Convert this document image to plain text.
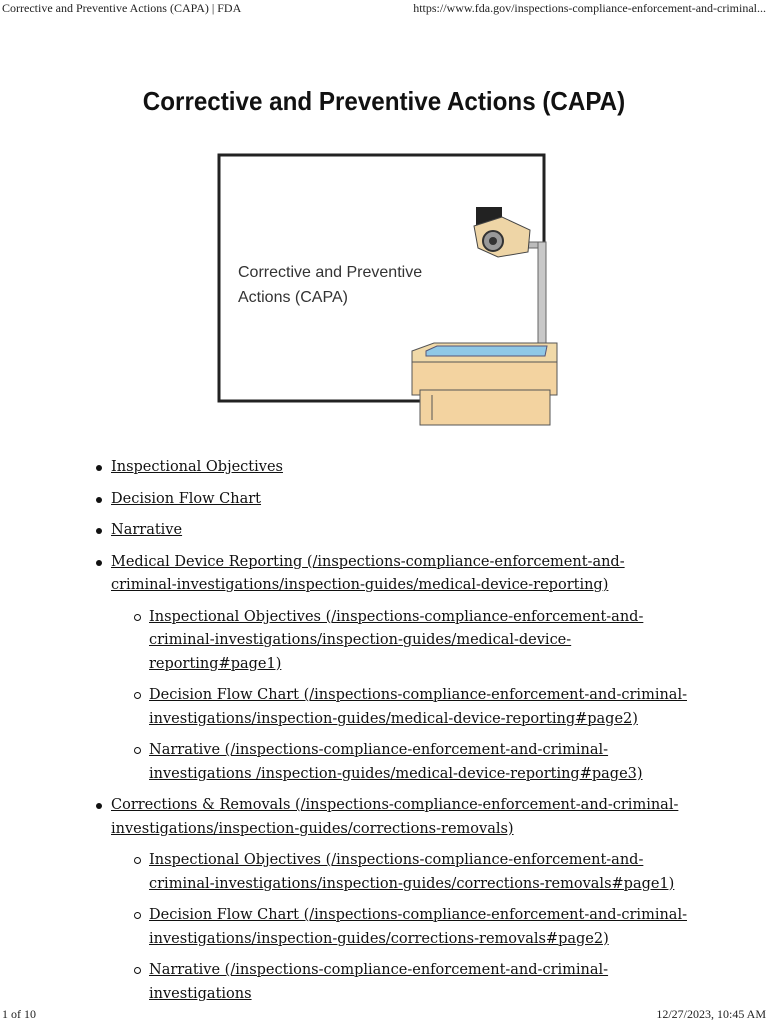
Corrective and Preventive Actions (CAPA) | FDA	https://www.fda.gov/inspections-compliance-enforcement-and-criminal...
Corrective and Preventive Actions (CAPA)
Corrective and Preventive
Actions (CAPA)
Inspectional Objectives
Decision Flow Chart
Narrative
Medical Device Reporting (/inspections-compliance-enforcement-and-criminal-investigations/inspection-guides/medical-device-reporting)
Inspectional Objectives (/inspections-compliance-enforcement-and-criminal-investigations/inspection-guides/medical-device-reporting#page1)
Decision Flow Chart (/inspections-compliance-enforcement-and-criminal-investigations/inspection-guides/medical-device-reporting#page2)
Narrative (/inspections-compliance-enforcement-and-criminal-investigations /inspection-guides/medical-device-reporting#page3)
Corrections & Removals (/inspections-compliance-enforcement-and-criminal-investigations/inspection-guides/corrections-removals)
Inspectional Objectives (/inspections-compliance-enforcement-and-criminal-investigations/inspection-guides/corrections-removals#page1)
Decision Flow Chart (/inspections-compliance-enforcement-and-criminal-investigations/inspection-guides/corrections-removals#page2)
Narrative (/inspections-compliance-enforcement-and-criminal-investigations
1 of 10	12/27/2023, 10:45 AM
